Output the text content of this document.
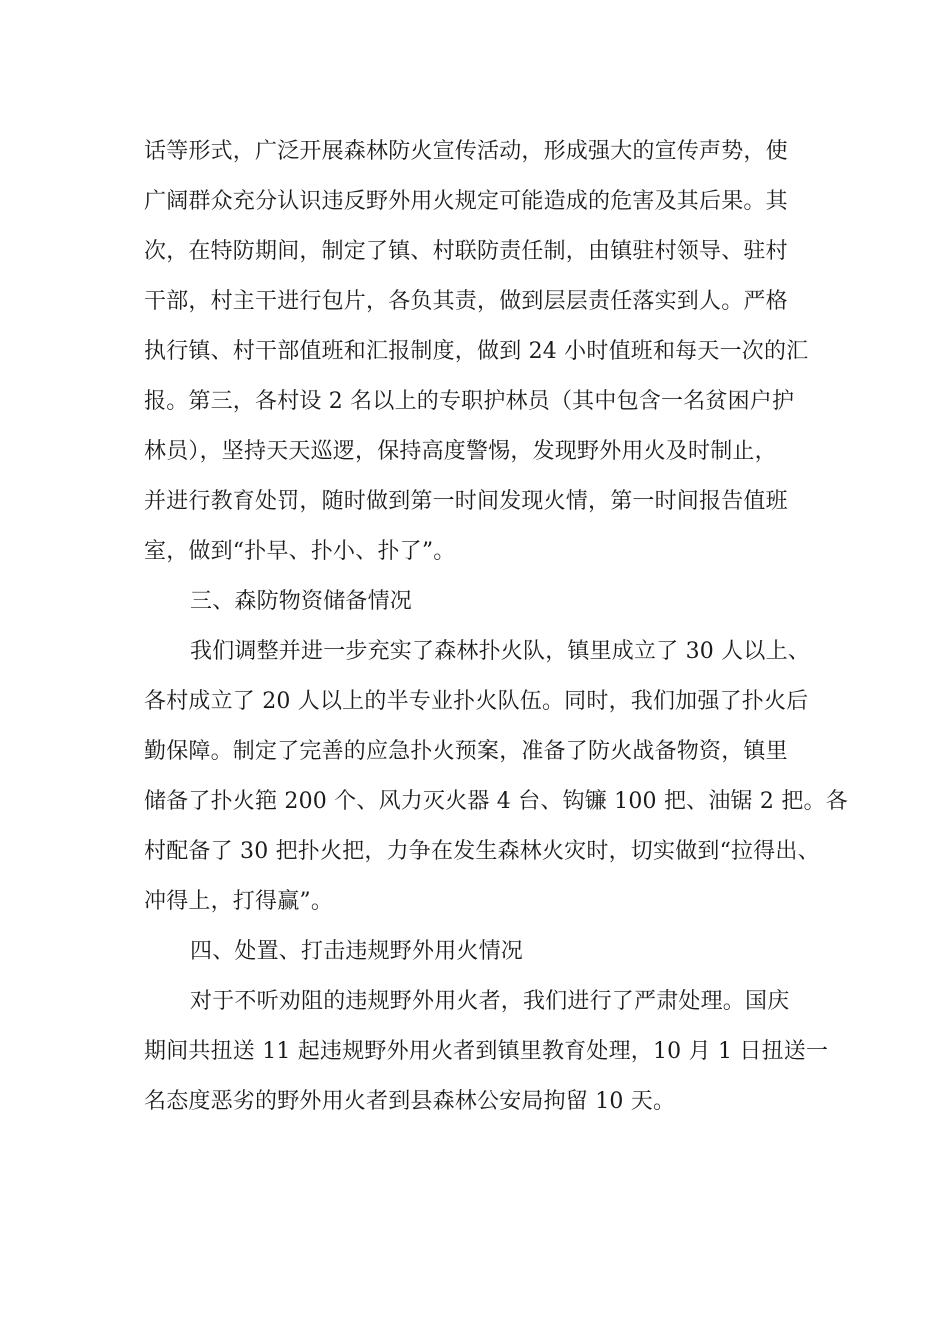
话等形式，广泛开展森林防火宣传活动，形成强大的宣传声势，使
广阔群众充分认识违反野外用火规定可能造成的危害及其后果。其
次，在特防期间，制定了镇、村联防责任制，由镇驻村领导、驻村
干部，村主干进行包片，各负其责，做到层层责任落实到人。严格
执行镇、村干部值班和汇报制度，做到 24 小时值班和每天一次的汇
报。第三，各村设 2 名以上的专职护林员（其中包含一名贫困户护
林员），坚持天天巡逻，保持高度警惕，发现野外用火及时制止，
并进行教育处罚，随时做到第一时间发现火情，第一时间报告值班
室，做到“扑早、扑小、扑了”。
三、森防物资储备情况
我们调整并进一步充实了森林扑火队，镇里成立了 30 人以上、
各村成立了 20 人以上的半专业扑火队伍。同时，我们加强了扑火后
勤保障。制定了完善的应急扑火预案，准备了防火战备物资，镇里
储备了扑火筢 200 个、风力灭火器 4 台、钩镰 100 把、油锯 2 把。各
村配备了 30 把扑火把，力争在发生森林火灾时，切实做到“拉得出、
冲得上，打得赢”。
四、处置、打击违规野外用火情况
对于不听劝阻的违规野外用火者，我们进行了严肃处理。国庆
期间共扭送 11 起违规野外用火者到镇里教育处理，10 月 1 日扭送一
名态度恶劣的野外用火者到县森林公安局拘留 10 天。
